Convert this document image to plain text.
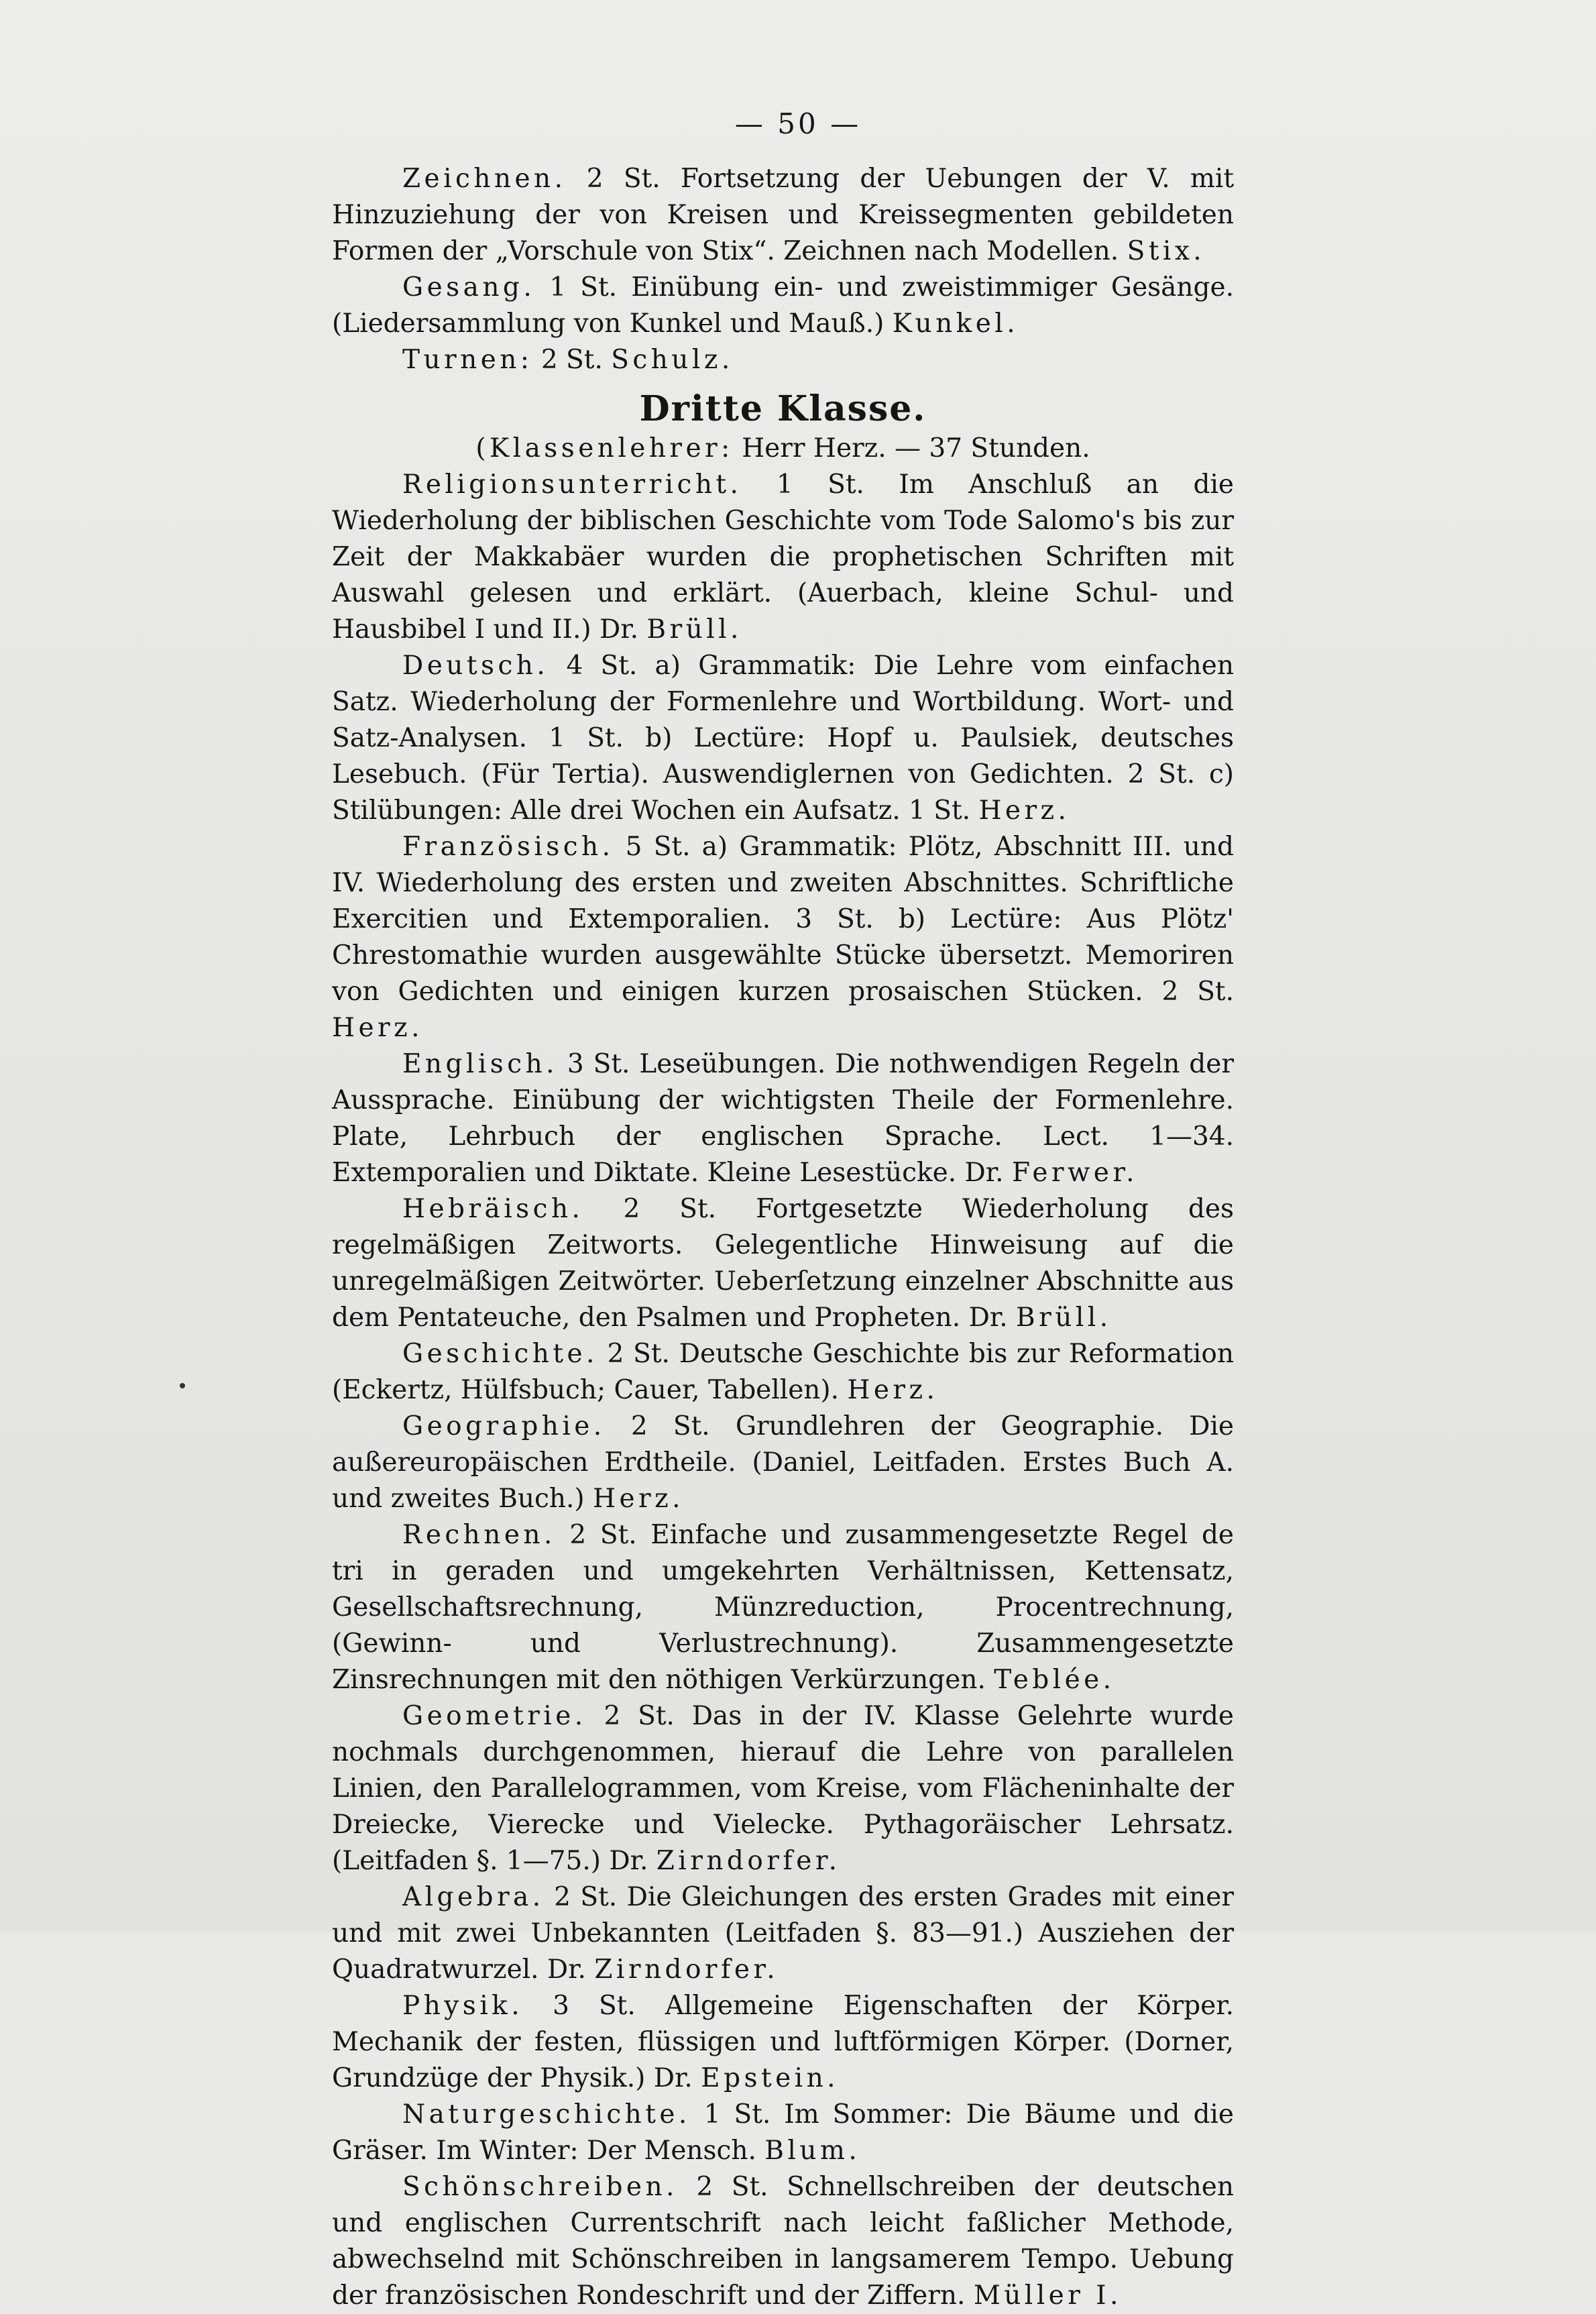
— 50 —

Zeichnen. 2 St. Fortsetzung der Uebungen der V. mit Hinzuziehung der von Kreisen und Kreissegmenten gebildeten Formen der „Vorschule von Stix“. Zeichnen nach Modellen. Stix.

Gesang. 1 St. Einübung ein- und zweistimmiger Gesänge. (Liedersammlung von Kunkel und Mauß.) Kunkel.

Turnen: 2 St. Schulz.

Dritte Klasse.

(Klassenlehrer: Herr Herz. — 37 Stunden.

Religionsunterricht. 1 St. Im Anschluß an die Wiederholung der biblischen Geschichte vom Tode Salomo's bis zur Zeit der Makkabäer wurden die prophetischen Schriften mit Auswahl gelesen und erklärt. (Auerbach, kleine Schul- und Hausbibel I und II.) Dr. Brüll.

Deutsch. 4 St. a) Grammatik: Die Lehre vom einfachen Satz. Wiederholung der Formenlehre und Wortbildung. Wort- und Satz-Analysen. 1 St. b) Lectüre: Hopf u. Paulsiek, deutsches Lesebuch. (Für Tertia). Auswendiglernen von Gedichten. 2 St. c) Stilübungen: Alle drei Wochen ein Aufsatz. 1 St. Herz.

Französisch. 5 St. a) Grammatik: Plötz, Abschnitt III. und IV. Wiederholung des ersten und zweiten Abschnittes. Schriftliche Exercitien und Extemporalien. 3 St. b) Lectüre: Aus Plötz' Chrestomathie wurden ausgewählte Stücke übersetzt. Memoriren von Gedichten und einigen kurzen prosaischen Stücken. 2 St. Herz.

Englisch. 3 St. Leseübungen. Die nothwendigen Regeln der Aussprache. Einübung der wichtigsten Theile der Formenlehre. Plate, Lehrbuch der englischen Sprache. Lect. 1—34. Extemporalien und Diktate. Kleine Lesestücke. Dr. Ferwer.

Hebräisch. 2 St. Fortgesetzte Wiederholung des regelmäßigen Zeitworts. Gelegentliche Hinweisung auf die unregelmäßigen Zeitwörter. Ueberſetzung einzelner Abschnitte aus dem Pentateuche, den Psalmen und Propheten. Dr. Brüll.

Geschichte. 2 St. Deutsche Geschichte bis zur Reformation (Eckertz, Hülfsbuch; Cauer, Tabellen). Herz.

Geographie. 2 St. Grundlehren der Geographie. Die außereuropäischen Erdtheile. (Daniel, Leitfaden. Erstes Buch A. und zweites Buch.) Herz.

Rechnen. 2 St. Einfache und zusammengesetzte Regel de tri in geraden und umgekehrten Verhältnissen, Kettensatz, Gesellschaftsrechnung, Münzreduction, Procentrechnung, (Gewinn- und Verlustrechnung). Zusammengesetzte Zinsrechnungen mit den nöthigen Verkürzungen. Teblée.

Geometrie. 2 St. Das in der IV. Klasse Gelehrte wurde nochmals durchgenommen, hierauf die Lehre von parallelen Linien, den Parallelogrammen, vom Kreise, vom Flächeninhalte der Dreiecke, Vierecke und Vielecke. Pythagoräischer Lehrsatz. (Leitfaden §. 1—75.) Dr. Zirndorfer.

Algebra. 2 St. Die Gleichungen des ersten Grades mit einer und mit zwei Unbekannten (Leitfaden §. 83—91.) Ausziehen der Quadratwurzel. Dr. Zirndorfer.

Physik. 3 St. Allgemeine Eigenschaften der Körper. Mechanik der festen, flüssigen und luftförmigen Körper. (Dorner, Grundzüge der Physik.) Dr. Epstein.

Naturgeschichte. 1 St. Im Sommer: Die Bäume und die Gräser. Im Winter: Der Mensch. Blum.

Schönschreiben. 2 St. Schnellschreiben der deutschen und englischen Currentschrift nach leicht faßlicher Methode, abwechselnd mit Schönschreiben in langsamerem Tempo. Uebung der französischen Rondeschrift und der Ziffern. Müller I.
